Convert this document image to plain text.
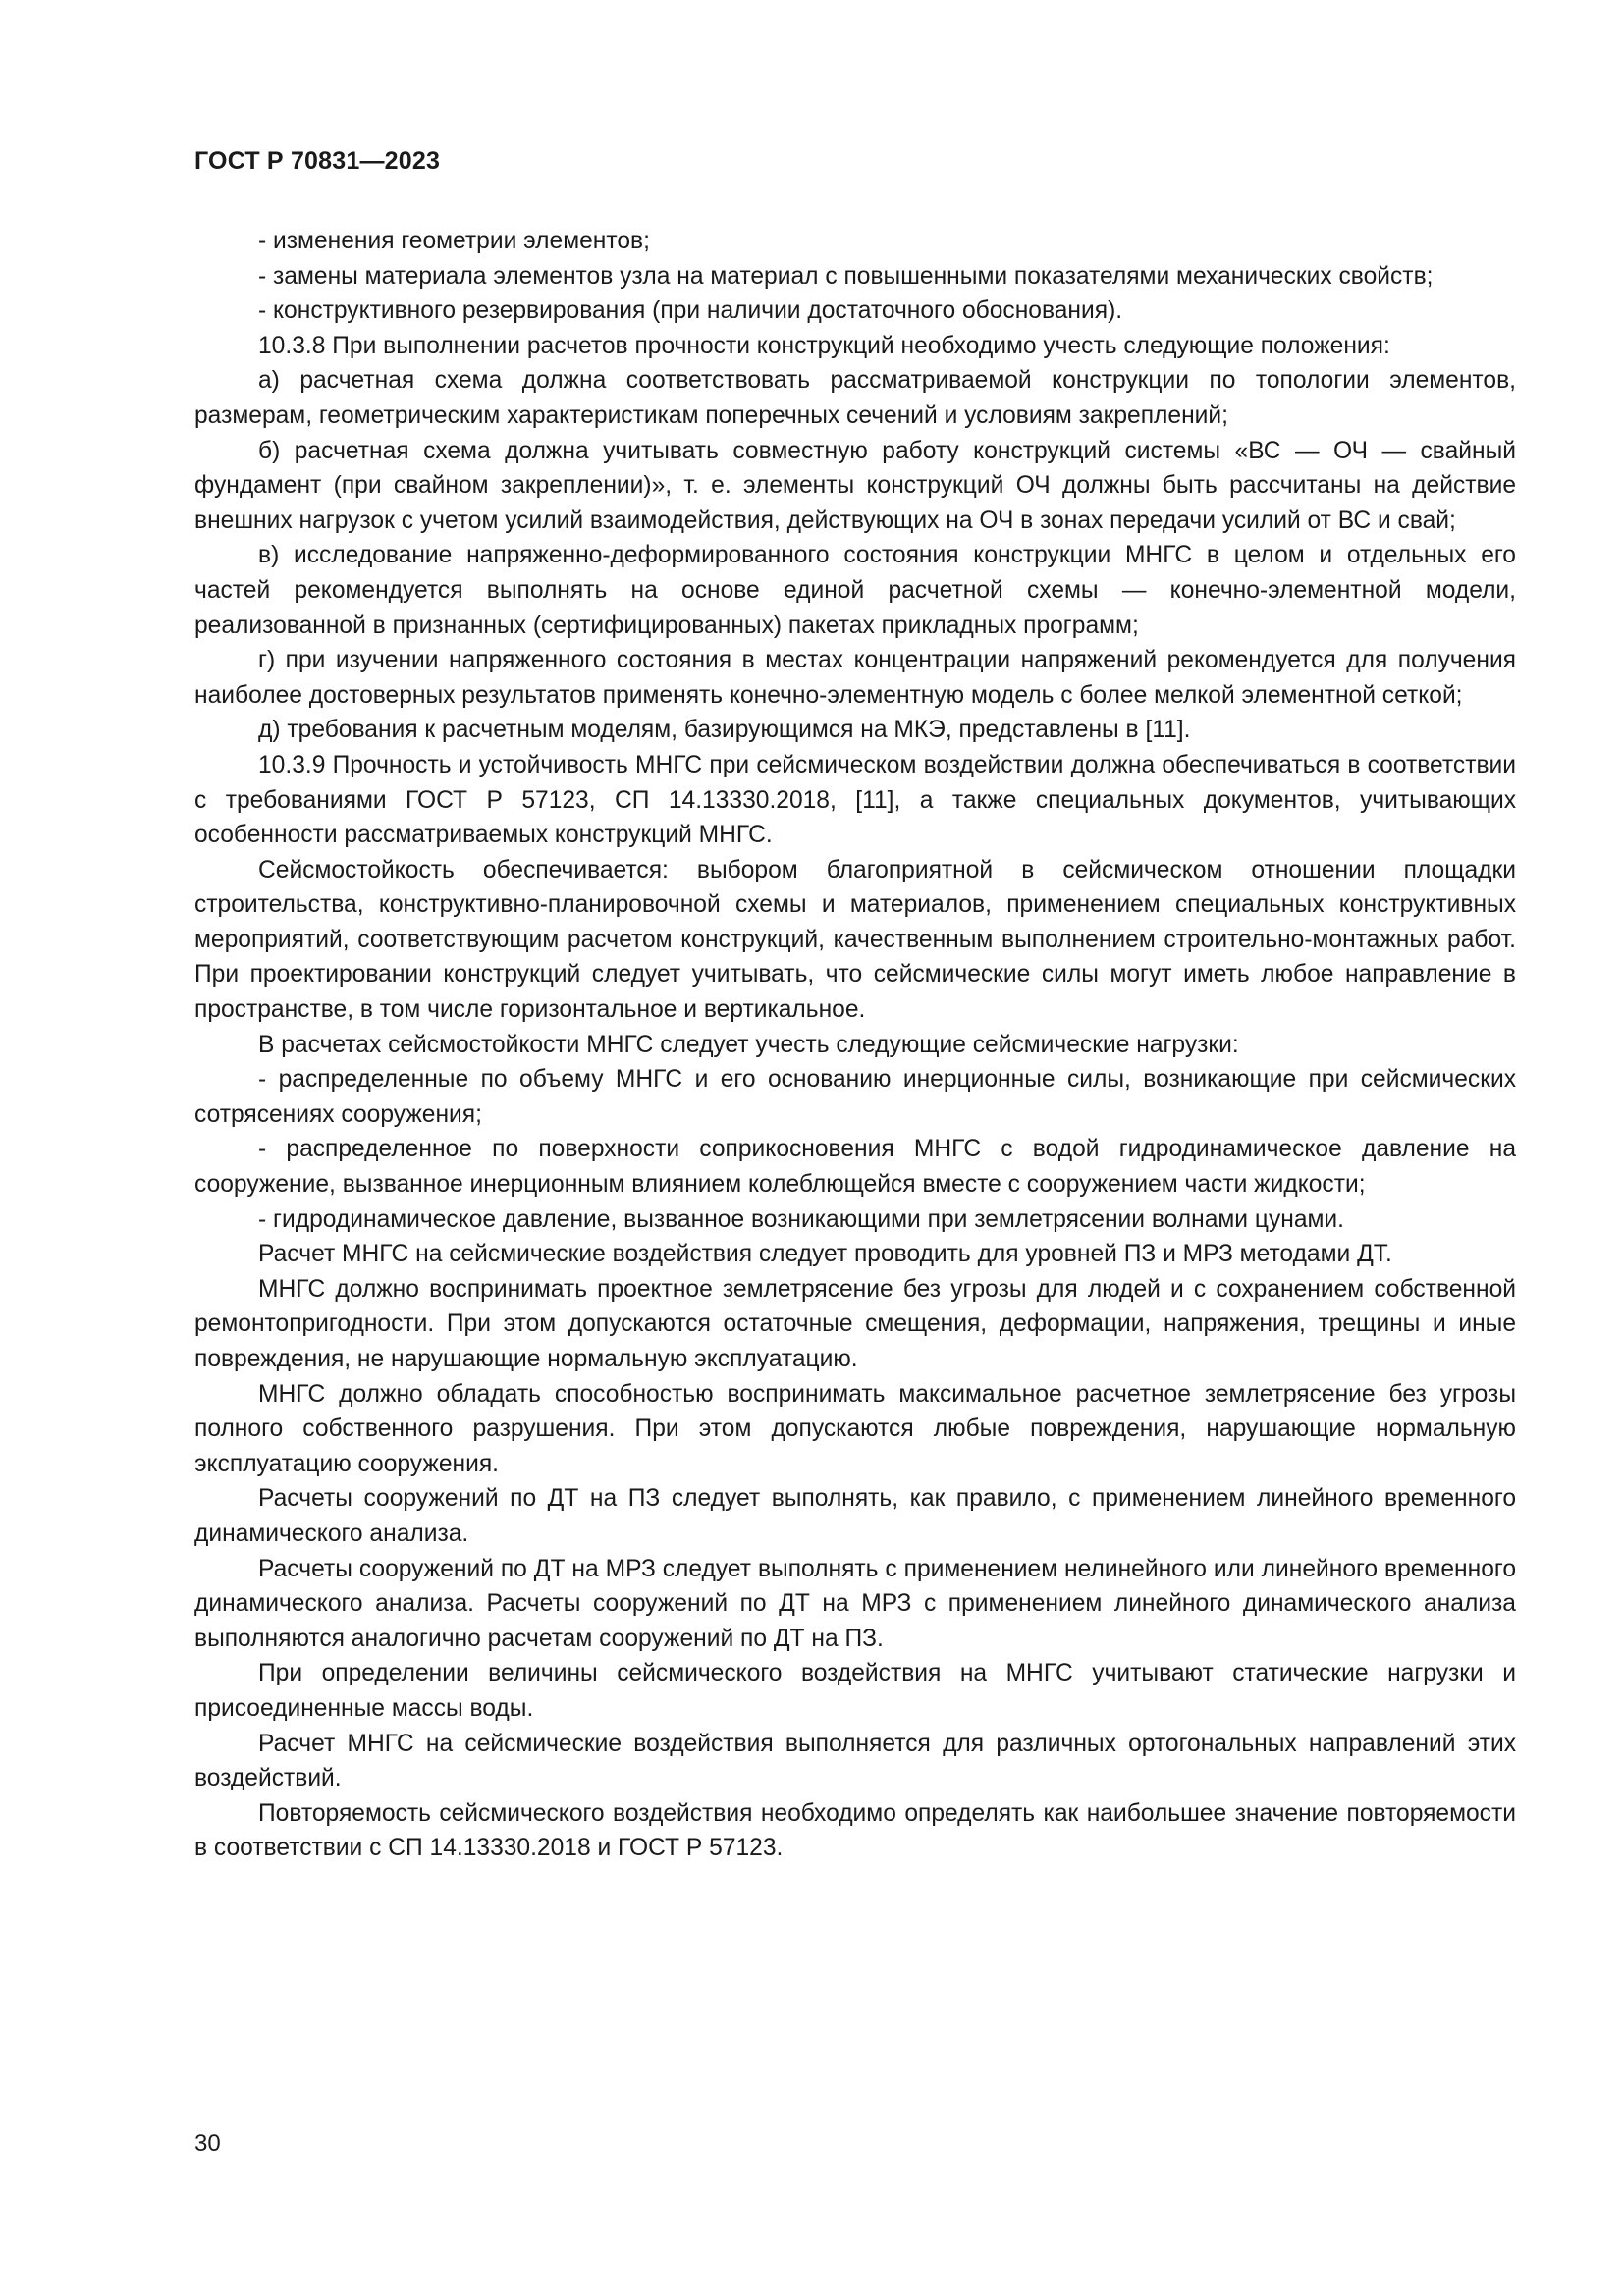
ГОСТ Р 70831—2023

- изменения геометрии элементов;

- замены материала элементов узла на материал с повышенными показателями механических свойств;

- конструктивного резервирования (при наличии достаточного обоснования).

10.3.8 При выполнении расчетов прочности конструкций необходимо учесть следующие положения:

а) расчетная схема должна соответствовать рассматриваемой конструкции по топологии элементов, размерам, геометрическим характеристикам поперечных сечений и условиям закреплений;

б) расчетная схема должна учитывать совместную работу конструкций системы «ВС — ОЧ — свайный фундамент (при свайном закреплении)», т. е. элементы конструкций ОЧ должны быть рассчитаны на действие внешних нагрузок с учетом усилий взаимодействия, действующих на ОЧ в зонах передачи усилий от ВС и свай;

в) исследование напряженно-деформированного состояния конструкции МНГС в целом и отдельных его частей рекомендуется выполнять на основе единой расчетной схемы — конечно-элементной модели, реализованной в признанных (сертифицированных) пакетах прикладных программ;

г) при изучении напряженного состояния в местах концентрации напряжений рекомендуется для получения наиболее достоверных результатов применять конечно-элементную модель с более мелкой элементной сеткой;

д) требования к расчетным моделям, базирующимся на МКЭ, представлены в [11].

10.3.9 Прочность и устойчивость МНГС при сейсмическом воздействии должна обеспечиваться в соответствии с требованиями ГОСТ Р 57123, СП 14.13330.2018, [11], а также специальных документов, учитывающих особенности рассматриваемых конструкций МНГС.

Сейсмостойкость обеспечивается: выбором благоприятной в сейсмическом отношении площадки строительства, конструктивно-планировочной схемы и материалов, применением специальных конструктивных мероприятий, соответствующим расчетом конструкций, качественным выполнением строительно-монтажных работ. При проектировании конструкций следует учитывать, что сейсмические силы могут иметь любое направление в пространстве, в том числе горизонтальное и вертикальное.

В расчетах сейсмостойкости МНГС следует учесть следующие сейсмические нагрузки:

- распределенные по объему МНГС и его основанию инерционные силы, возникающие при сейсмических сотрясениях сооружения;

- распределенное по поверхности соприкосновения МНГС с водой гидродинамическое давление на сооружение, вызванное инерционным влиянием колеблющейся вместе с сооружением части жидкости;

- гидродинамическое давление, вызванное возникающими при землетрясении волнами цунами.

Расчет МНГС на сейсмические воздействия следует проводить для уровней ПЗ и МРЗ методами ДТ.

МНГС должно воспринимать проектное землетрясение без угрозы для людей и с сохранением собственной ремонтопригодности. При этом допускаются остаточные смещения, деформации, напряжения, трещины и иные повреждения, не нарушающие нормальную эксплуатацию.

МНГС должно обладать способностью воспринимать максимальное расчетное землетрясение без угрозы полного собственного разрушения. При этом допускаются любые повреждения, нарушающие нормальную эксплуатацию сооружения.

Расчеты сооружений по ДТ на ПЗ следует выполнять, как правило, с применением линейного временного динамического анализа.

Расчеты сооружений по ДТ на МРЗ следует выполнять с применением нелинейного или линейного временного динамического анализа. Расчеты сооружений по ДТ на МРЗ с применением линейного динамического анализа выполняются аналогично расчетам сооружений по ДТ на ПЗ.

При определении величины сейсмического воздействия на МНГС учитывают статические нагрузки и присоединенные массы воды.

Расчет МНГС на сейсмические воздействия выполняется для различных ортогональных направлений этих воздействий.

Повторяемость сейсмического воздействия необходимо определять как наибольшее значение повторяемости в соответствии с СП 14.13330.2018 и ГОСТ Р 57123.

30
